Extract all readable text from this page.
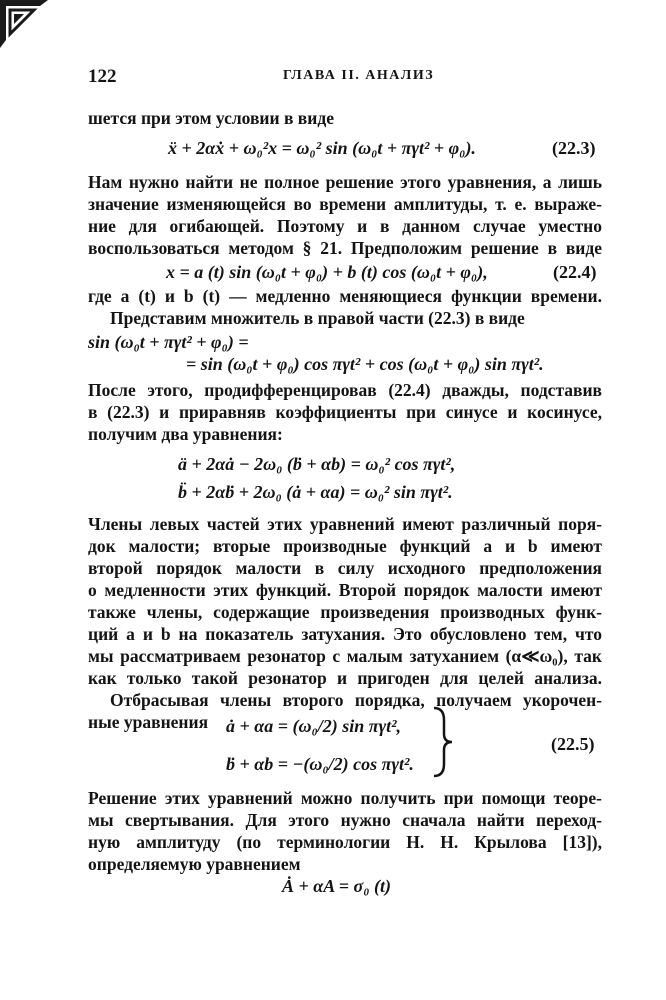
122	ГЛАВА II. АНАЛИЗ
шется при этом условии в виде
ẍ + 2αẋ + ω₀²x = ω₀² sin (ω₀t + πγt² + φ₀).	(22.3)
Нам нужно найти не полное решение этого уравнения, а лишь
значение изменяющейся во времени амплитуды, т. е. выраже-
ние для огибающей. Поэтому и в данном случае уместно
воспользоваться методом § 21. Предположим решение в виде
x = a (t) sin (ω₀t + φ₀) + b (t) cos (ω₀t + φ₀),	(22.4)
где a (t) и b (t) — медленно меняющиеся функции времени.
Представим множитель в правой части (22.3) в виде
sin (ω₀t + πγt² + φ₀) =
= sin (ω₀t + φ₀) cos πγt² + cos (ω₀t + φ₀) sin πγt².
После этого, продифференцировав (22.4) дважды, подставив
в (22.3) и приравняв коэффициенты при синусе и косинусе,
получим два уравнения:
ä + 2αȧ − 2ω₀ (ḃ + αb) = ω₀² cos πγt²,
b̈ + 2αḃ + 2ω₀ (ȧ + αa) = ω₀² sin πγt².
Члены левых частей этих уравнений имеют различный поря-
док малости; вторые производные функций a и b имеют
второй порядок малости в силу исходного предположения
о медленности этих функций. Второй порядок малости имеют
также члены, содержащие произведения производных функ-
ций a и b на показатель затухания. Это обусловлено тем, что
мы рассматриваем резонатор с малым затуханием (α≪ω₀), так
как только такой резонатор и пригоден для целей анализа.
Отбрасывая члены второго порядка, получаем укорочен-
ные уравнения ȧ + αa = (ω₀/2) sin πγt²,
ḃ + αb = −(ω₀/2) cos πγt².
(22.5)
Решение этих уравнений можно получить при помощи теоре-
мы свертывания. Для этого нужно сначала найти переход-
ную амплитуду (по терминологии Н. Н. Крылова [13]),
определяемую уравнением
Ȧ + αA = σ₀ (t)
